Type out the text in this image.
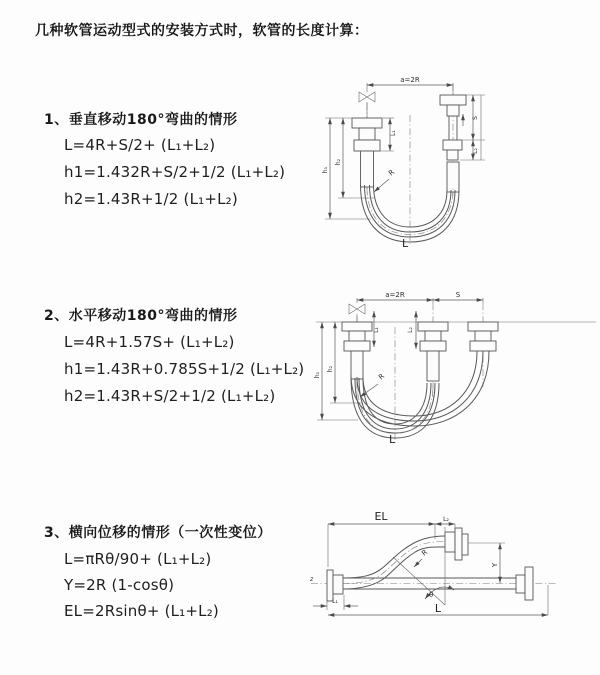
几种软管运动型式的安装方式时，软管的长度计算：
1、垂直移动180°弯曲的情形
L=4R+S/2+ (L₁+L₂)
h1=1.432R+S/2+1/2 (L₁+L₂)
h2=1.43R+1/2 (L₁+L₂)
2、水平移动180°弯曲的情形
L=4R+1.57S+ (L₁+L₂)
h1=1.43R+0.785S+1/2 (L₁+L₂)
h2=1.43R+S/2+1/2 (L₁+L₂)
3、横向位移的情形（一次性变位）
L=πRθ/90+ (L₁+L₂)
Y=2R (1-cosθ)
EL=2Rsinθ+ (L₁+L₂)
a=2R
L₁
S
L₂
h₁
h₂
R
L
a=2R	S
L₁	L₂
h₁
h₂
R
L
z
EL	L₂
θ
R
Y
L₁
L
